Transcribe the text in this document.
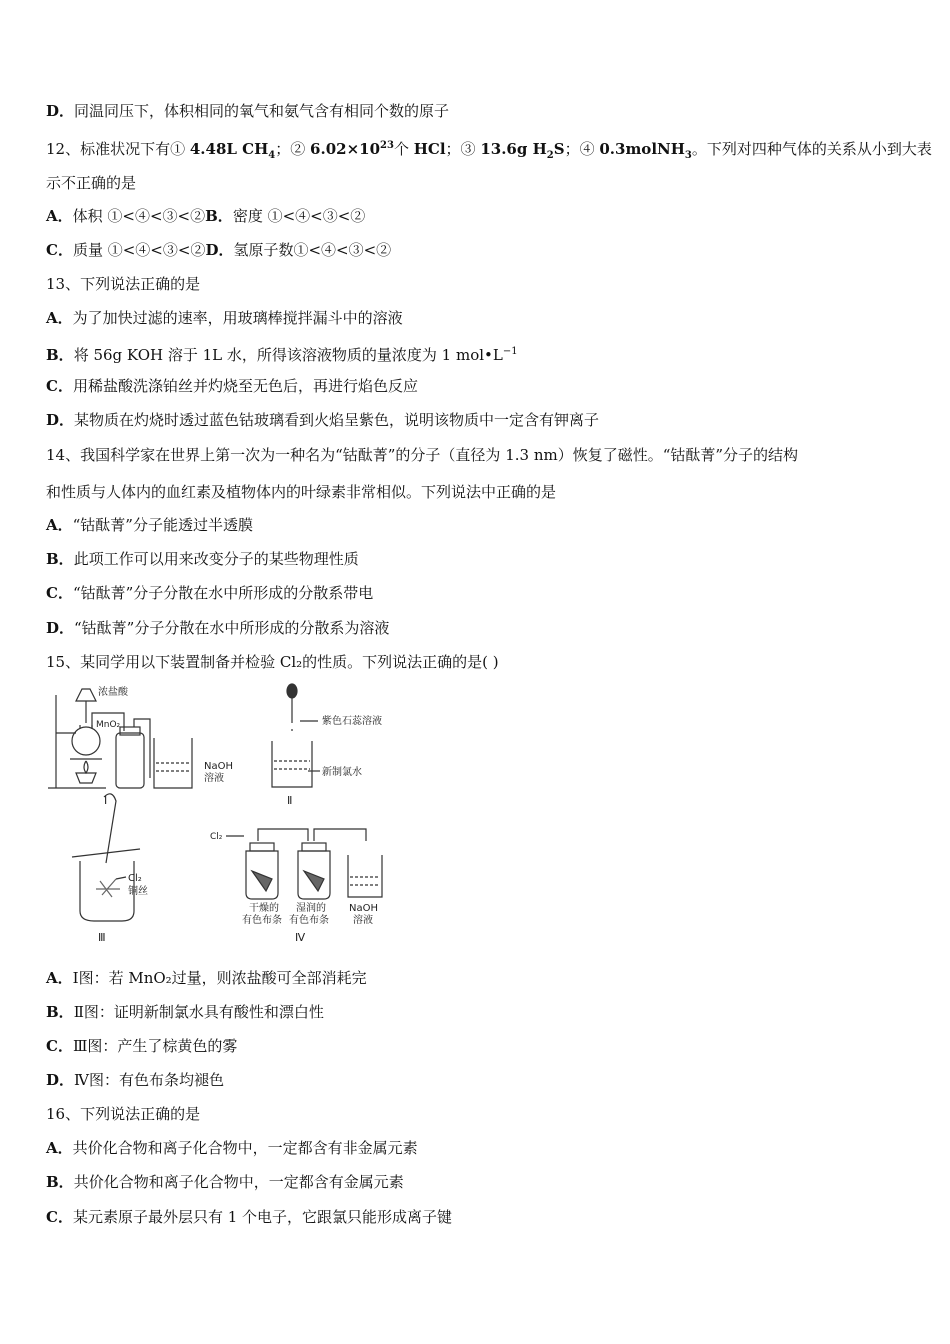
D．同温同压下，体积相同的氧气和氨气含有相同个数的原子
12、标准状况下有① 4.48L $CH_4$；② $6.02\times 10^{23}$个 HCl；③ 13.6g $H_2S$；④ 0.3molNH$_3$。下列对四种气体的关系从小到大表
示不正确的是
A．体积 ①<④<③<②B．密度 ①<④<③<②
C．质量 ①<④<③<②D．氢原子数①<④<③<②
13、下列说法正确的是
A．为了加快过滤的速率，用玻璃棒搅拌漏斗中的溶液
B．将 56g KOH 溶于 1L 水，所得该溶液物质的量浓度为 1 $mol•L^{-1}$
C．用稀盐酸洗涤铂丝并灼烧至无色后，再进行焰色反应
D．某物质在灼烧时透过蓝色钴玻璃看到火焰呈紫色，说明该物质中一定含有钾离子
14、我国科学家在世界上第一次为一种名为“钴酞菁”的分子（直径为 1.3 nm）恢复了磁性。“钴酞菁”分子的结构
和性质与人体内的血红素及植物体内的叶绿素非常相似。下列说法中正确的是
A．“钴酞菁”分子能透过半透膜
B．此项工作可以用来改变分子的某些物理性质
C．“钴酞菁”分子分散在水中所形成的分散系带电
D．“钴酞菁”分子分散在水中所形成的分散系为溶液
15、某同学用以下装置制备并检验 Cl₂的性质。下列说法正确的是( )
浓盐酸
MnO₂
NaOH
溶液
Ⅰ
紫色石蕊溶液
新制氯水
Ⅱ
Cl₂
铜丝
Ⅲ
Cl₂
干燥的
有色布条
湿润的
有色布条
NaOH
溶液
Ⅳ
A．Ⅰ图：若 MnO₂过量，则浓盐酸可全部消耗完
B．Ⅱ图：证明新制氯水具有酸性和漂白性
C．Ⅲ图：产生了棕黄色的雾
D．Ⅳ图：有色布条均褪色
16、下列说法正确的是
A．共价化合物和离子化合物中，一定都含有非金属元素
B．共价化合物和离子化合物中，一定都含有金属元素
C．某元素原子最外层只有 1 个电子，它跟氯只能形成离子键
